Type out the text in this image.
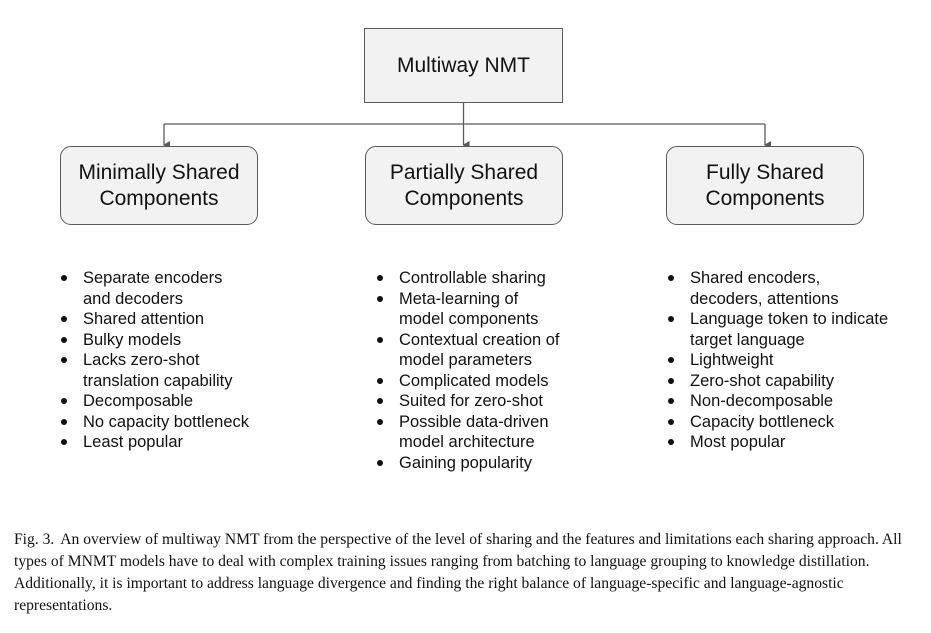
Multiway NMT
Minimally Shared
Components
Partially Shared
Components
Fully Shared
Components
Separate encoders and decoders
Shared attention
Bulky models
Lacks zero-shot translation capability
Decomposable
No capacity bottleneck
Least popular
Controllable sharing
Meta-learning of model components
Contextual creation of model parameters
Complicated models
Suited for zero-shot
Possible data-driven model architecture
Gaining popularity
Shared encoders, decoders, attentions
Language token to indicate target language
Lightweight
Zero-shot capability
Non-decomposable
Capacity bottleneck
Most popular

Fig. 3. An overview of multiway NMT from the perspective of the level of sharing and the features and limitations each sharing approach. All types of MNMT models have to deal with complex training issues ranging from batching to language grouping to knowledge distillation. Additionally, it is important to address language divergence and finding the right balance of language-specific and language-agnostic representations.
